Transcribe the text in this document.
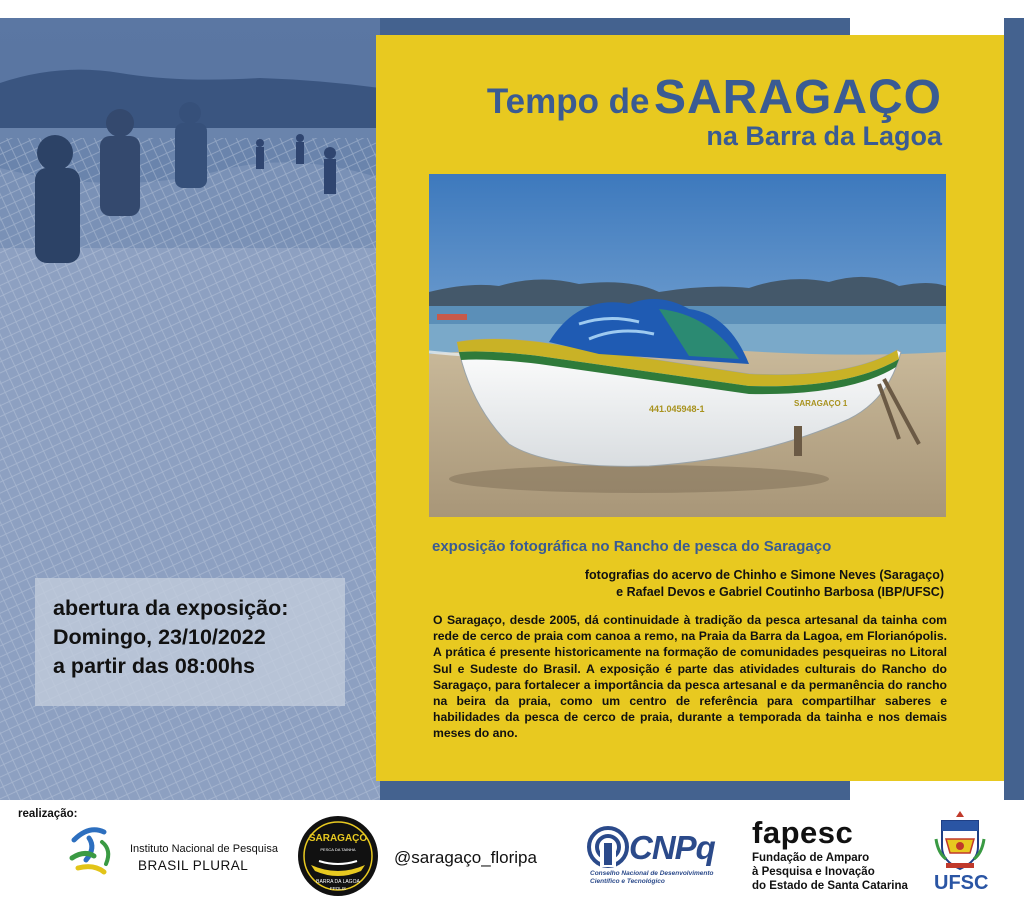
Tempo de SARAGAÇO
na Barra da Lagoa
441.045948-1
SARAGAÇO 1
exposição fotográfica no Rancho de pesca do Saragaço
fotografias do acervo de Chinho e Simone Neves (Saragaço)
e Rafael Devos e Gabriel Coutinho Barbosa (IBP/UFSC)
O Saragaço, desde 2005, dá continuidade à tradição da pesca artesanal da tainha com rede de cerco de praia com canoa a remo, na Praia da Barra da Lagoa, em Florianópolis. A prática é presente historicamente na formação de comunidades pesqueiras no Litoral Sul e Sudeste do Brasil. A exposição é parte das atividades culturais do Rancho do Saragaço, para fortalecer a importância da pesca artesanal e da permanência do rancho na beira da praia, como um centro de referência para compartilhar saberes e habilidades da pesca de cerco de praia, durante a temporada da tainha e nos demais meses do ano.
abertura da exposição:
Domingo, 23/10/2022
a partir das 08:00hs
realização:
Instituto Nacional de Pesquisa
BRASIL PLURAL
SARAGAÇO
PESCA DA TAINHA
BARRA DA LAGOA
FPOLIS
@saragaço_floripa	CNPq
Conselho Nacional de Desenvolvimento
Científico e Tecnológico
fapesc
Fundação de Amparo
à Pesquisa e Inovação
do Estado de Santa Catarina UFSC
